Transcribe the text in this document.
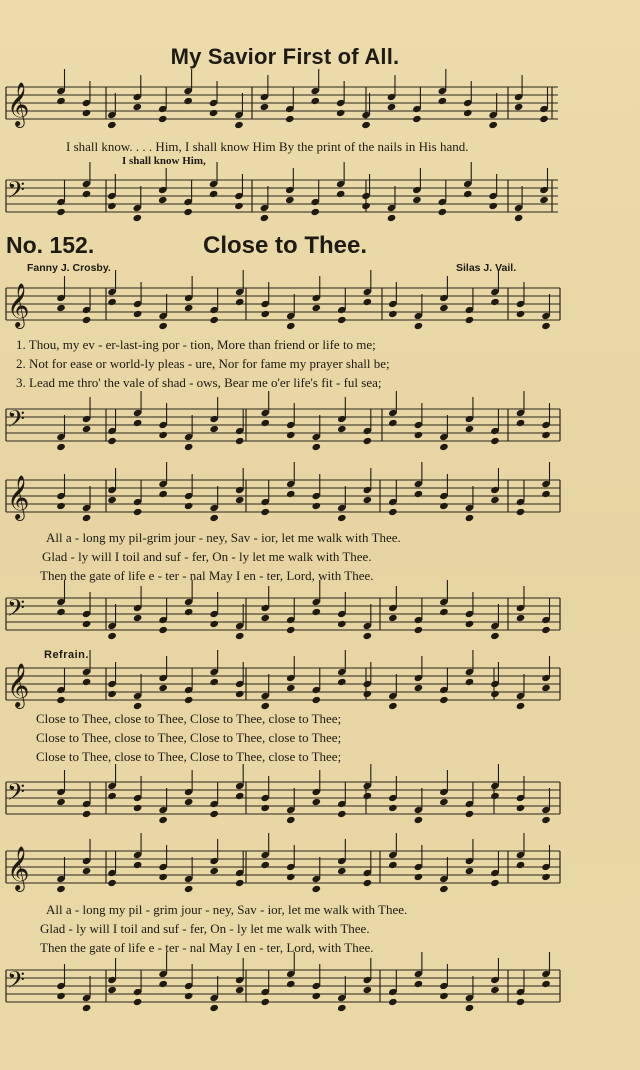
𝄞
𝄢
𝄞
𝄢
𝄞
𝄢
𝄞
𝄢
𝄞
𝄢
My Savior First of All.
I shall know. . . . Him, I shall know Him By the print of the nails in His hand.
I shall know Him,
No. 152.	Close to Thee.
Fanny J. Crosby.	Silas J. Vail.
1. Thou, my ev - er-last-ing por - tion, More than friend or life to me;
2. Not for ease or world-ly pleas - ure, Nor for fame my prayer shall be;
3. Lead me thro' the vale of shad - ows, Bear me o'er life's fit - ful sea;
All a - long my pil-grim jour - ney, Sav - ior, let me walk with Thee.
Glad - ly will I toil and suf - fer, On - ly let me walk with Thee.
Then the gate of life e - ter - nal May I en - ter, Lord, with Thee.
Refrain.
Close to Thee, close to Thee, Close to Thee, close to Thee;
Close to Thee, close to Thee, Close to Thee, close to Thee;
Close to Thee, close to Thee, Close to Thee, close to Thee;
All a - long my pil - grim jour - ney, Sav - ior, let me walk with Thee.
Glad - ly will I toil and suf - fer, On - ly let me walk with Thee.
Then the gate of life e - ter - nal May I en - ter, Lord, with Thee.
